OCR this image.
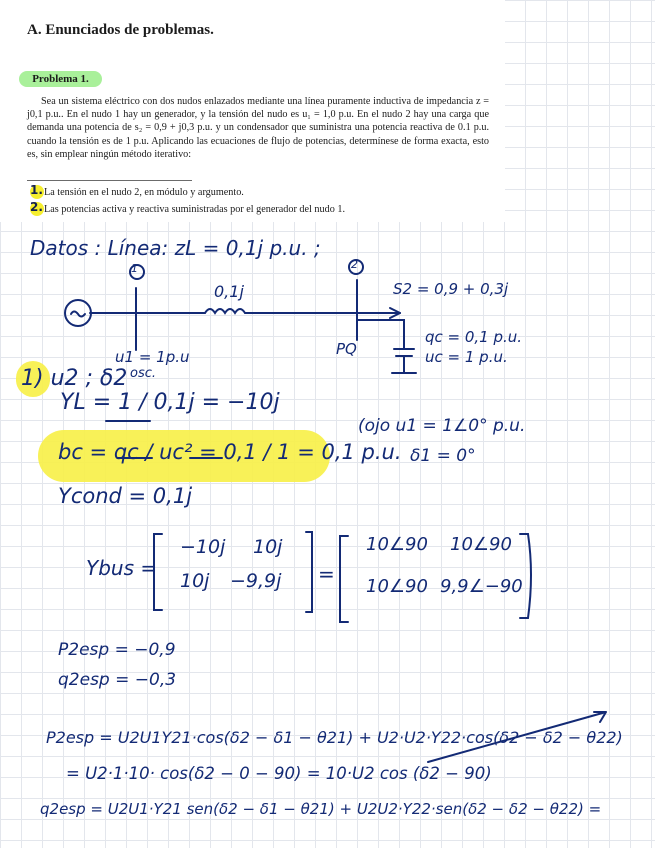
A. Enunciados de problemas.
Problema 1.

Sea un sistema eléctrico con dos nudos enlazados mediante una línea puramente inductiva de impedancia z = j0,1 p.u.. En el nudo 1 hay un generador, y la tensión del nudo es u₁ = 1,0 p.u. En el nudo 2 hay una carga que demanda una potencia de s₂ = 0,9 + j0,3 p.u. y un condensador que suministra una potencia reactiva de 0.1 p.u. cuando la tensión es de 1 p.u. Aplicando las ecuaciones de flujo de potencias, determínese de forma exacta, esto es, sin emplear ningún método iterativo:

1. La tensión en el nudo 2, en módulo y argumento.
2. Las potencias activa y reactiva suministradas por el generador del nudo 1.
Datos : Línea: zL = 0,1j p.u. ;
1	2
0,1j	S2 = 0,9 + 0,3j
PQ
qc = 0,1 p.u.
uc = 1 p.u.
1) u2 ; δ2
u1 = 1p.u
osc.
YL = 1 / 0,1j = −10j
(ojo u1 = 1∠0° p.u.
δ1 = 0°
bc = qc / uc² = 0,1 / 1 = 0,1 p.u.
Ycond = 0,1j
Ybus =
−10j 10j
10j −9,9j =
10∠90 10∠90
10∠90 9,9∠−90
P2esp = −0,9
q2esp = −0,3
P2esp = U2U1Y21·cos(δ2 − δ1 − θ21) + U2·U2·Y22·cos(δ2 − δ2 − θ22)
= U2·1·10· cos(δ2 − 0 − 90) = 10·U2 cos (δ2 − 90)
q2esp = U2U1·Y21 sen(δ2 − δ1 − θ21) + U2U2·Y22·sen(δ2 − δ2 − θ22) =
